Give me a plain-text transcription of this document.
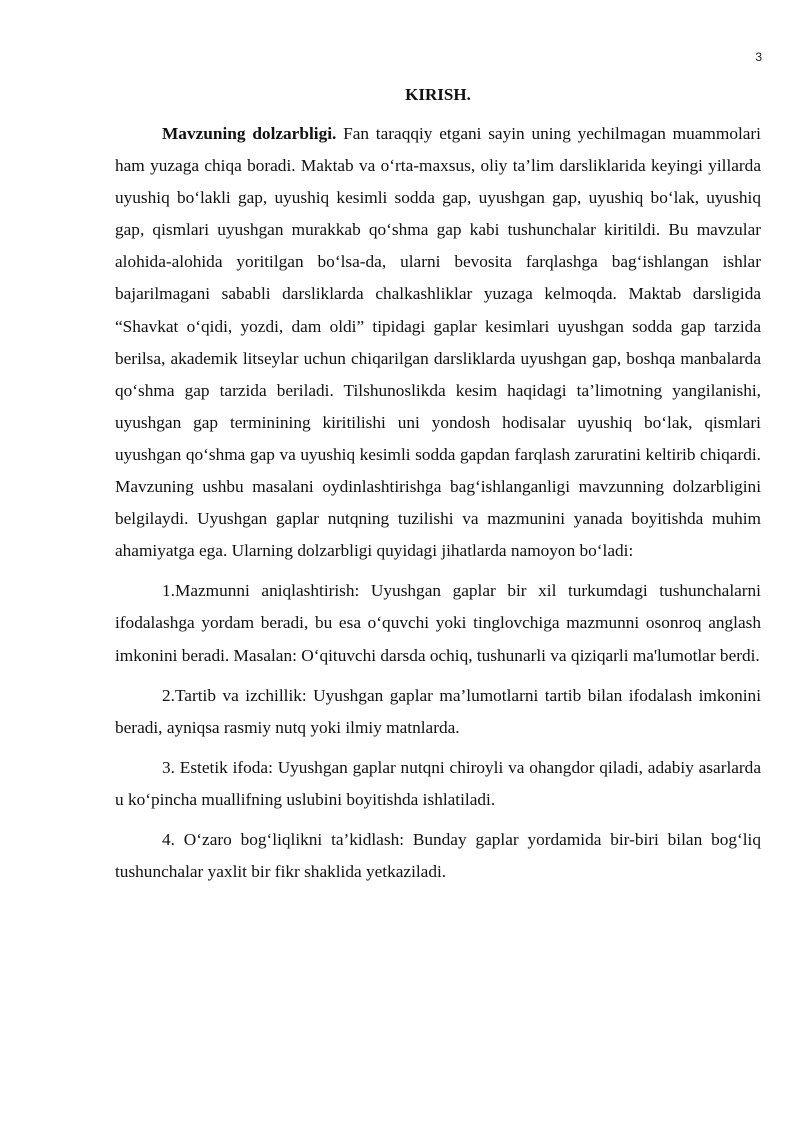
3
KIRISH.

Mavzuning dolzarbligi. Fan taraqqiy etgani sayin uning yechilmagan muammolari ham yuzaga chiqa boradi. Maktab va o‘rta-maxsus, oliy ta’lim darsliklarida keyingi yillarda uyushiq bo‘lakli gap, uyushiq kesimli sodda gap, uyushgan gap, uyushiq bo‘lak, uyushiq gap, qismlari uyushgan murakkab qo‘shma gap kabi tushunchalar kiritildi. Bu mavzular alohida-alohida yoritilgan bo‘lsa-da, ularni bevosita farqlashga bag‘ishlangan ishlar bajarilmagani sababli darsliklarda chalkashliklar yuzaga kelmoqda. Maktab darsligida “Shavkat o‘qidi, yozdi, dam oldi” tipidagi gaplar kesimlari uyushgan sodda gap tarzida berilsa, akademik litseylar uchun chiqarilgan darsliklarda uyushgan gap, boshqa manbalarda qo‘shma gap tarzida beriladi. Tilshunoslikda kesim haqidagi ta’limotning yangilanishi, uyushgan gap terminining kiritilishi uni yondosh hodisalar uyushiq bo‘lak, qismlari uyushgan qo‘shma gap va uyushiq kesimli sodda gapdan farqlash zaruratini keltirib chiqardi. Mavzuning ushbu masalani oydinlashtirishga bag‘ishlanganligi mavzunning dolzarbligini belgilaydi. Uyushgan gaplar nutqning tuzilishi va mazmunini yanada boyitishda muhim ahamiyatga ega. Ularning dolzarbligi quyidagi jihatlarda namoyon bo‘ladi:

1.Mazmunni aniqlashtirish: Uyushgan gaplar bir xil turkumdagi tushunchalarni ifodalashga yordam beradi, bu esa o‘quvchi yoki tinglovchiga mazmunni osonroq anglash imkonini beradi. Masalan: O‘qituvchi darsda ochiq, tushunarli va qiziqarli ma'lumotlar berdi.

2.Tartib va izchillik: Uyushgan gaplar ma’lumotlarni tartib bilan ifodalash imkonini beradi, ayniqsa rasmiy nutq yoki ilmiy matnlarda.

3. Estetik ifoda: Uyushgan gaplar nutqni chiroyli va ohangdor qiladi, adabiy asarlarda u ko‘pincha muallifning uslubini boyitishda ishlatiladi.

4. O‘zaro bog‘liqlikni ta’kidlash: Bunday gaplar yordamida bir-biri bilan bog‘liq tushunchalar yaxlit bir fikr shaklida yetkaziladi.
